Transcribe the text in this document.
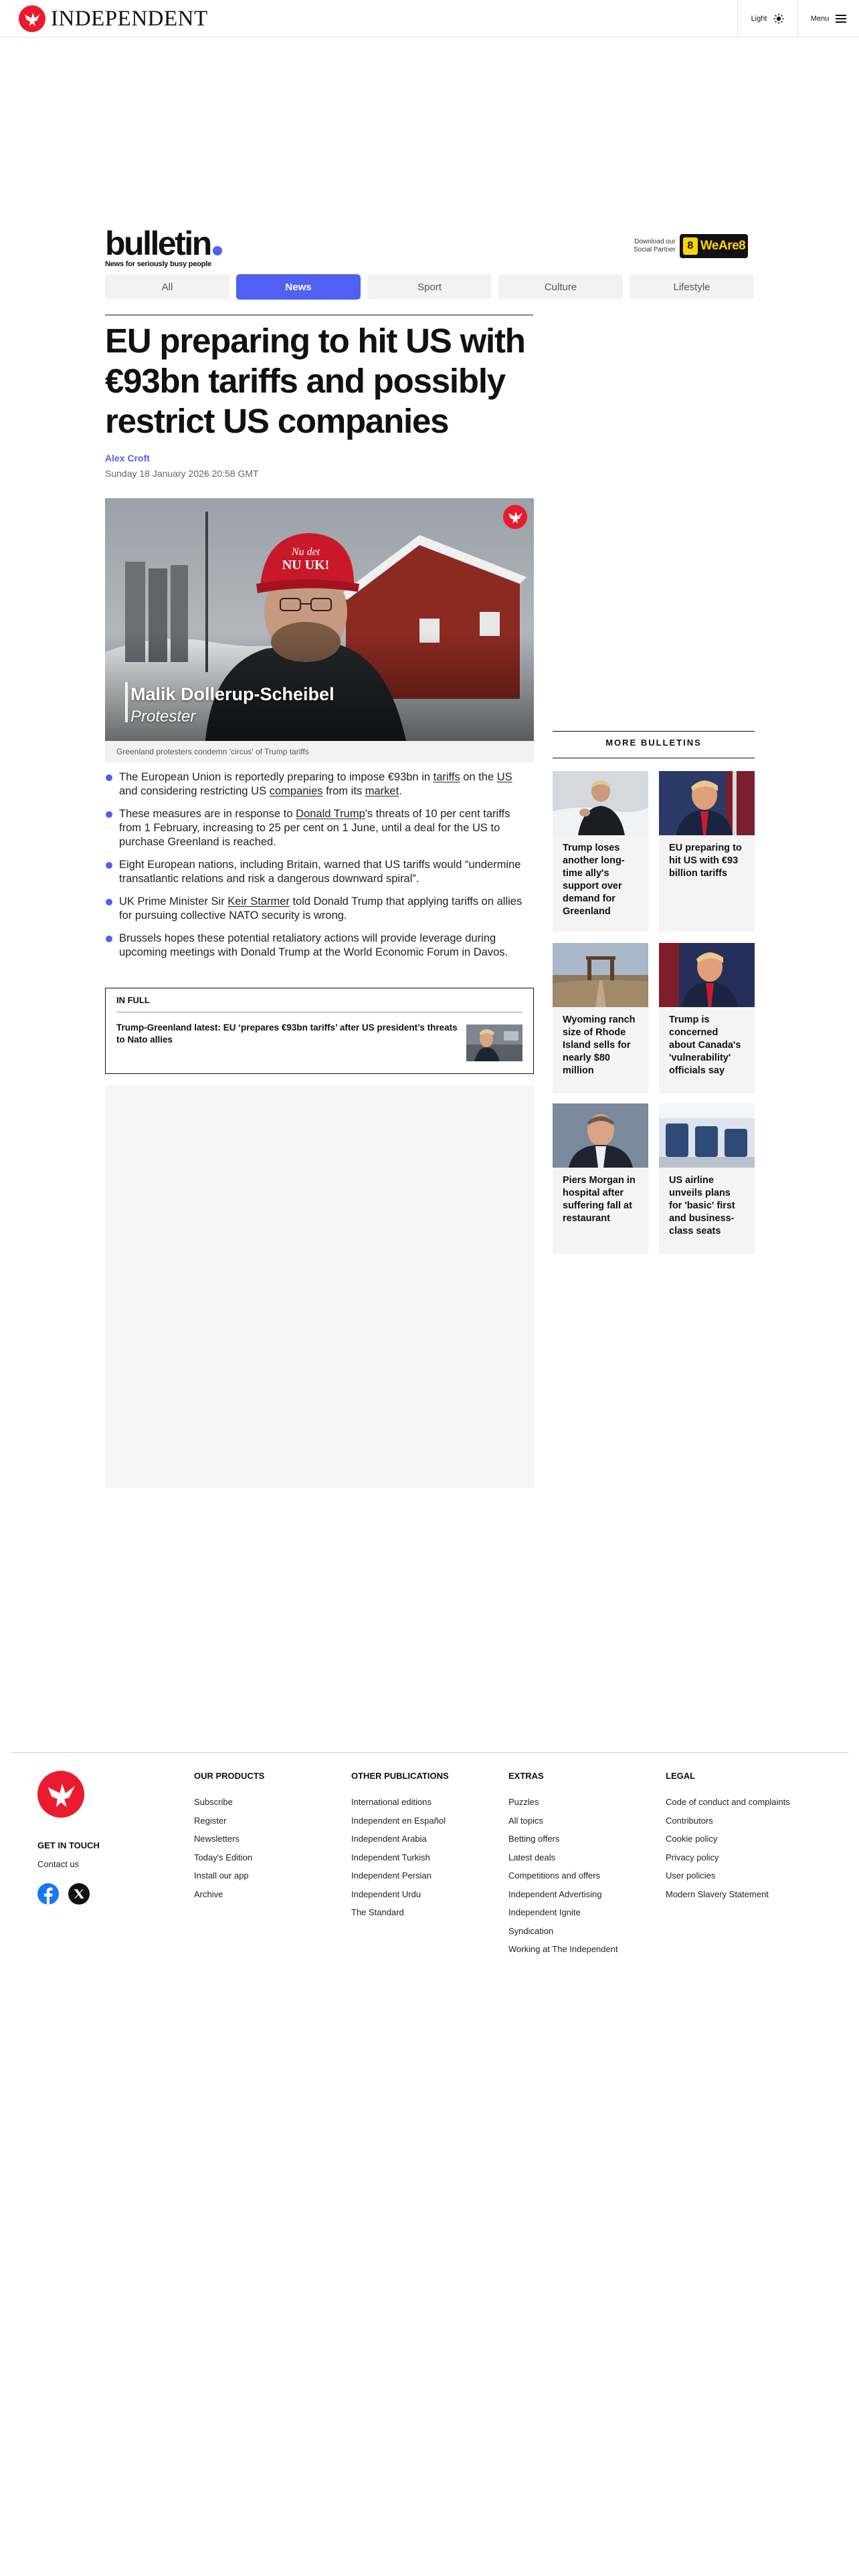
INDEPENDENT	Light	Menu
bulletin
News for seriously busy people
Download our
Social Partner	8 WeAre8
All	News	Sport	Culture	Lifestyle
EU preparing to hit US with €93bn tariffs and possibly restrict US companies
Alex Croft
Sunday 18 January 2026 20:58 GMT
Malik Dollerup-Scheibel
Protester
Greenland protesters condemn 'circus' of Trump tariffs
The European Union is reportedly preparing to impose €93bn in tariffs on the US and considering restricting US companies from its market.
These measures are in response to Donald Trump's threats of 10 per cent tariffs from 1 February, increasing to 25 per cent on 1 June, until a deal for the US to purchase Greenland is reached.
Eight European nations, including Britain, warned that US tariffs would “undermine transatlantic relations and risk a dangerous downward spiral”.
UK Prime Minister Sir Keir Starmer told Donald Trump that applying tariffs on allies for pursuing collective NATO security is wrong.
Brussels hopes these potential retaliatory actions will provide leverage during upcoming meetings with Donald Trump at the World Economic Forum in Davos.
IN FULL
Trump-Greenland latest: EU ‘prepares €93bn tariffs’ after US president’s threats to Nato allies
MORE BULLETINS
Trump loses another long-time ally's support over demand for Greenland
EU preparing to hit US with €93 billion tariffs
Wyoming ranch size of Rhode Island sells for nearly $80 million
Trump is concerned about Canada's 'vulnerability' officials say
Piers Morgan in hospital after suffering fall at restaurant
US airline unveils plans for 'basic' first and business-class seats
GET IN TOUCH
Contact us
OUR PRODUCTS
Subscribe
Register
Newsletters
Today's Edition
Install our app
Archive
OTHER PUBLICATIONS
International editions
Independent en Español
Independent Arabia
Independent Turkish
Independent Persian
Independent Urdu
The Standard
EXTRAS
Puzzles
All topics
Betting offers
Latest deals
Competitions and offers
Independent Advertising
Independent Ignite
Syndication
Working at The Independent
LEGAL
Code of conduct and complaints
Contributors
Cookie policy
Privacy policy
User policies
Modern Slavery Statement
